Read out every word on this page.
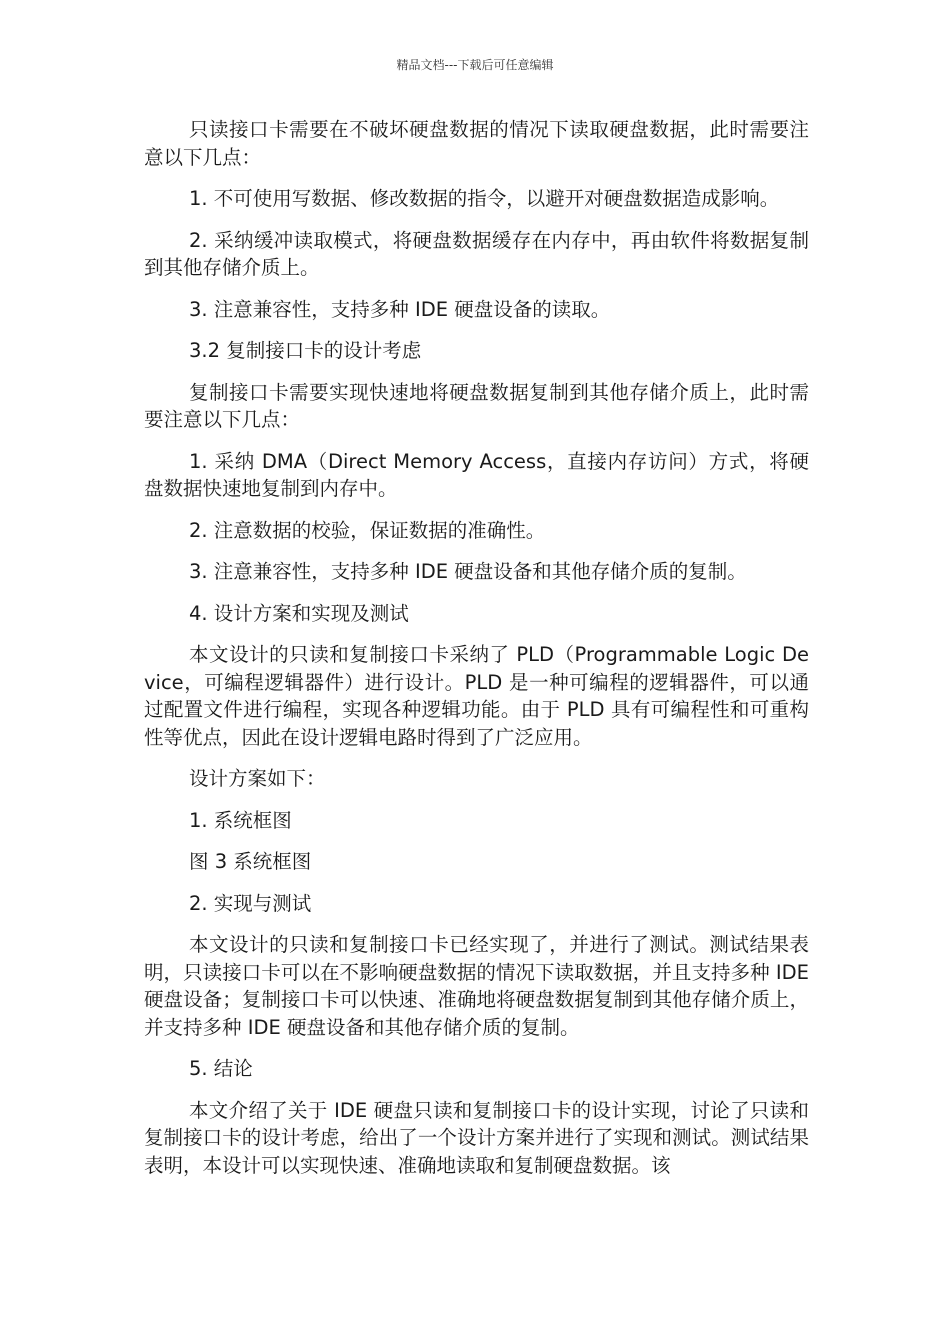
精品文档---下载后可任意编辑

只读接口卡需要在不破坏硬盘数据的情况下读取硬盘数据，此时需要注意以下几点：

1. 不可使用写数据、修改数据的指令，以避开对硬盘数据造成影响。

2. 采纳缓冲读取模式，将硬盘数据缓存在内存中，再由软件将数据复制到其他存储介质上。

3. 注意兼容性，支持多种 IDE 硬盘设备的读取。

3.2 复制接口卡的设计考虑

复制接口卡需要实现快速地将硬盘数据复制到其他存储介质上，此时需要注意以下几点：

1. 采纳 DMA（Direct Memory Access，直接内存访问）方式，将硬盘数据快速地复制到内存中。

2. 注意数据的校验，保证数据的准确性。

3. 注意兼容性，支持多种 IDE 硬盘设备和其他存储介质的复制。

4. 设计方案和实现及测试

本文设计的只读和复制接口卡采纳了 PLD（Programmable Logic Device，可编程逻辑器件）进行设计。PLD 是一种可编程的逻辑器件，可以通过配置文件进行编程，实现各种逻辑功能。由于 PLD 具有可编程性和可重构性等优点，因此在设计逻辑电路时得到了广泛应用。

设计方案如下：

1. 系统框图

图 3 系统框图

2. 实现与测试

本文设计的只读和复制接口卡已经实现了，并进行了测试。测试结果表明，只读接口卡可以在不影响硬盘数据的情况下读取数据，并且支持多种 IDE 硬盘设备；复制接口卡可以快速、准确地将硬盘数据复制到其他存储介质上，并支持多种 IDE 硬盘设备和其他存储介质的复制。

5. 结论

本文介绍了关于 IDE 硬盘只读和复制接口卡的设计实现，讨论了只读和复制接口卡的设计考虑，给出了一个设计方案并进行了实现和测试。测试结果表明，本设计可以实现快速、准确地读取和复制硬盘数据。该
